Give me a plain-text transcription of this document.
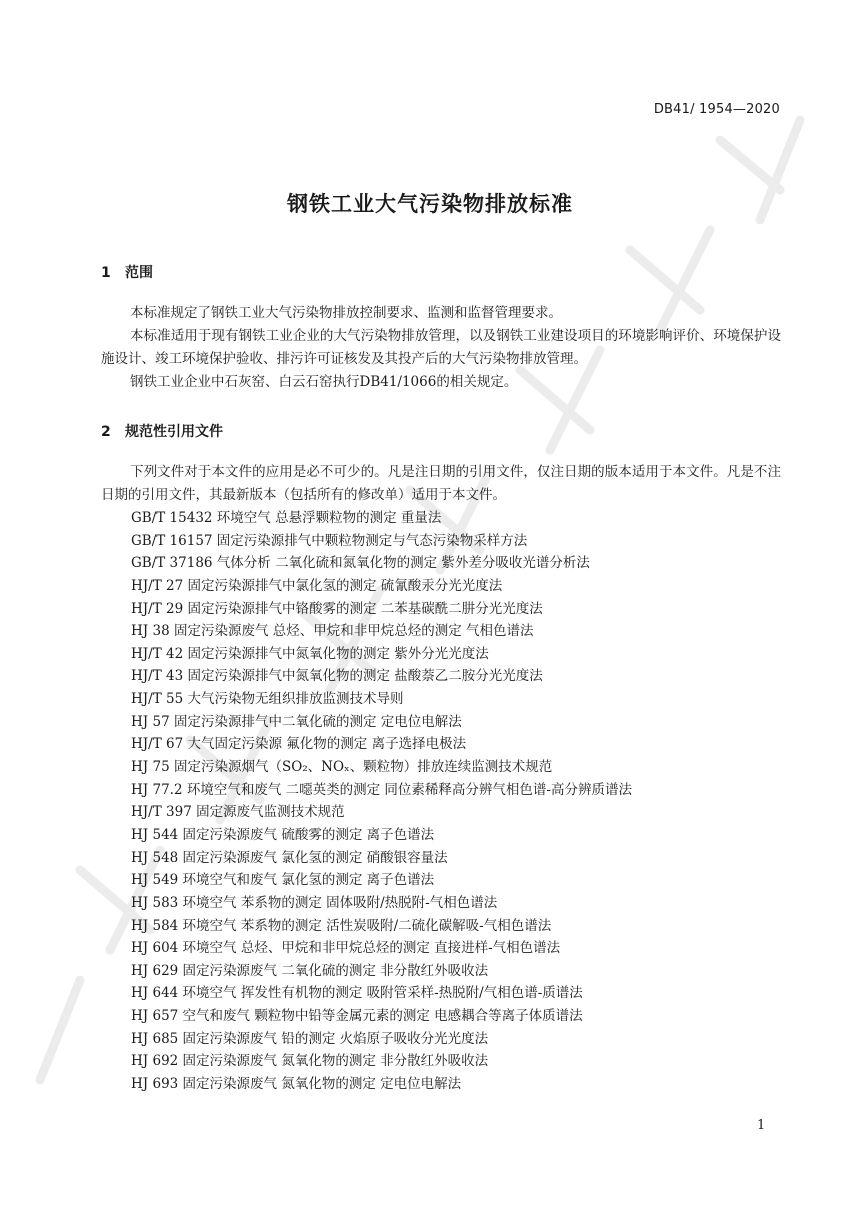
DB41/ 1954—2020
钢铁工业大气污染物排放标准
1 范围

本标准规定了钢铁工业大气污染物排放控制要求、监测和监督管理要求。

本标准适用于现有钢铁工业企业的大气污染物排放管理，以及钢铁工业建设项目的环境影响评价、环境保护设施设计、竣工环境保护验收、排污许可证核发及其投产后的大气污染物排放管理。

钢铁工业企业中石灰窑、白云石窑执行DB41/1066的相关规定。

2 规范性引用文件

下列文件对于本文件的应用是必不可少的。凡是注日期的引用文件，仅注日期的版本适用于本文件。凡是不注日期的引用文件，其最新版本（包括所有的修改单）适用于本文件。

GB/T 15432 环境空气 总悬浮颗粒物的测定 重量法
GB/T 16157 固定污染源排气中颗粒物测定与气态污染物采样方法
GB/T 37186 气体分析 二氧化硫和氮氧化物的测定 紫外差分吸收光谱分析法
HJ/T 27 固定污染源排气中氯化氢的测定 硫氰酸汞分光光度法
HJ/T 29 固定污染源排气中铬酸雾的测定 二苯基碳酰二肼分光光度法
HJ 38 固定污染源废气 总烃、甲烷和非甲烷总烃的测定 气相色谱法
HJ/T 42 固定污染源排气中氮氧化物的测定 紫外分光光度法
HJ/T 43 固定污染源排气中氮氧化物的测定 盐酸萘乙二胺分光光度法
HJ/T 55 大气污染物无组织排放监测技术导则
HJ 57 固定污染源排气中二氧化硫的测定 定电位电解法
HJ/T 67 大气固定污染源 氟化物的测定 离子选择电极法
HJ 75 固定污染源烟气（SO₂、NOₓ、颗粒物）排放连续监测技术规范
HJ 77.2 环境空气和废气 二噁英类的测定 同位素稀释高分辨气相色谱-高分辨质谱法
HJ/T 397 固定源废气监测技术规范
HJ 544 固定污染源废气 硫酸雾的测定 离子色谱法
HJ 548 固定污染源废气 氯化氢的测定 硝酸银容量法
HJ 549 环境空气和废气 氯化氢的测定 离子色谱法
HJ 583 环境空气 苯系物的测定 固体吸附/热脱附-气相色谱法
HJ 584 环境空气 苯系物的测定 活性炭吸附/二硫化碳解吸-气相色谱法
HJ 604 环境空气 总烃、甲烷和非甲烷总烃的测定 直接进样-气相色谱法
HJ 629 固定污染源废气 二氧化硫的测定 非分散红外吸收法
HJ 644 环境空气 挥发性有机物的测定 吸附管采样-热脱附/气相色谱-质谱法
HJ 657 空气和废气 颗粒物中铅等金属元素的测定 电感耦合等离子体质谱法
HJ 685 固定污染源废气 铅的测定 火焰原子吸收分光光度法
HJ 692 固定污染源废气 氮氧化物的测定 非分散红外吸收法
HJ 693 固定污染源废气 氮氧化物的测定 定电位电解法
1
